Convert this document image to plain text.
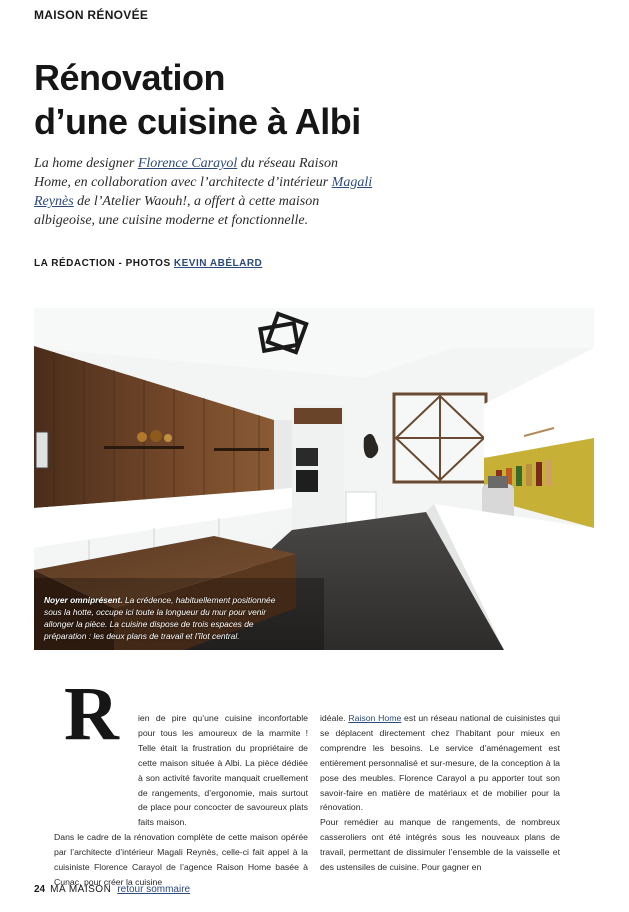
MAISON RÉNOVÉE
Rénovation
d’une cuisine à Albi

La home designer Florence Carayol du réseau Raison Home, en collaboration avec l’architecte d’intérieur Magali Reynès de l’Atelier Waouh!, a offert à cette maison albigeoise, une cuisine moderne et fonctionnelle.

LA RÉDACTION - PHOTOS KEVIN ABÉLARD

Noyer omniprésent. La crédence, habituellement positionnée sous la hotte, occupe ici toute la longueur du mur pour venir allonger la pièce. La cuisine dispose de trois espaces de préparation : les deux plans de travail et l’îlot central.

R	ien de pire qu’une cuisine inconfortable pour tous les amoureux de la marmite ! Telle était la frustration du propriétaire de cette maison située à Albi. La pièce dédiée à son activité favorite manquait cruellement de rangements, d’ergonomie, mais surtout de place pour concocter de savoureux plats faits maison.

Dans le cadre de la rénovation complète de cette maison opérée par l’architecte d’intérieur Magali Reynès, celle-ci fait appel à la cuisiniste Florence Carayol de l’agence Raison Home basée à Cunac, pour créer la cuisine

idéale. Raison Home est un réseau national de cuisinistes qui se déplacent directement chez l’habitant pour mieux en comprendre les besoins. Le service d’aménagement est entièrement personnalisé et sur-mesure, de la conception à la pose des meubles. Florence Carayol a pu apporter tout son savoir-faire en matière de matériaux et de mobilier pour la rénovation.

Pour remédier au manque de rangements, de nombreux casseroliers ont été intégrés sous les nouveaux plans de travail, permettant de dissimuler l’ensemble de la vaisselle et des ustensiles de cuisine. Pour gagner en

24 MA MAISON retour sommaire
